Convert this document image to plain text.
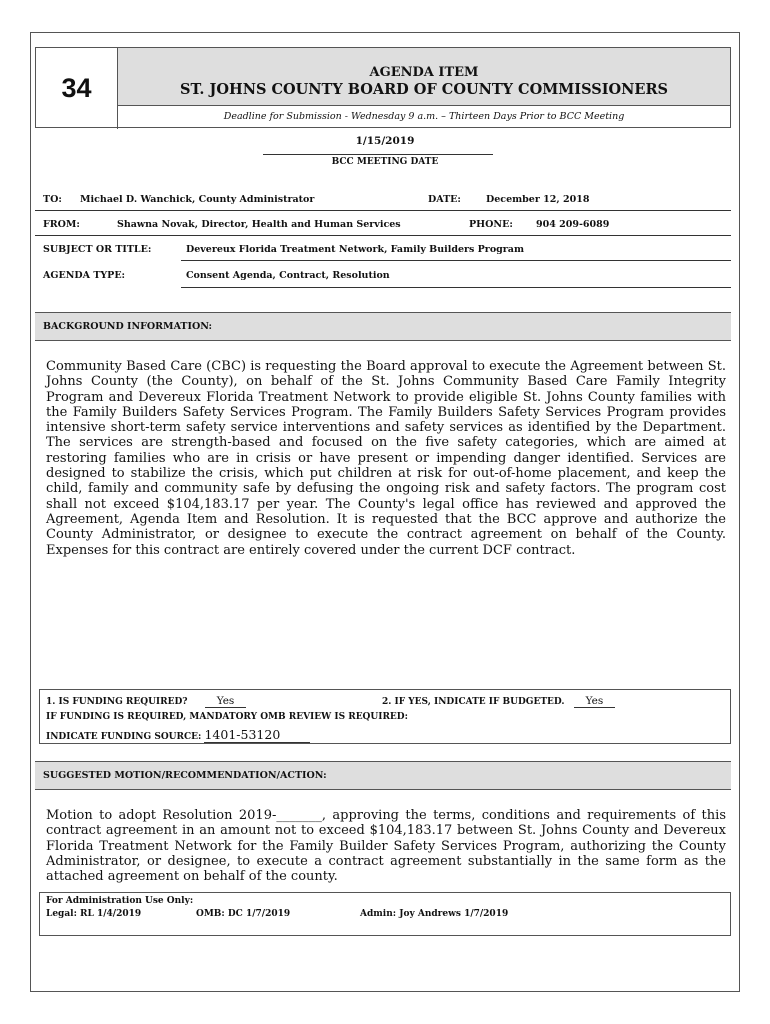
34
AGENDA ITEM
ST. JOHNS COUNTY BOARD OF COUNTY COMMISSIONERS
Deadline for Submission - Wednesday 9 a.m. – Thirteen Days Prior to BCC Meeting
1/15/2019
BCC MEETING DATE
TO: Michael D. Wanchick, County Administrator	DATE:	December 12, 2018
FROM:	Shawna Novak, Director, Health and Human Services	PHONE: 904 209-6089
SUBJECT OR TITLE:	Devereux Florida Treatment Network, Family Builders Program
AGENDA TYPE:	Consent Agenda, Contract, Resolution
BACKGROUND INFORMATION:
Community Based Care (CBC) is requesting the Board approval to execute the Agreement between St. Johns County (the County), on behalf of the St. Johns Community Based Care Family Integrity Program and Devereux Florida Treatment Network to provide eligible St. Johns County families with the Family Builders Safety Services Program. The Family Builders Safety Services Program provides intensive short-term safety service interventions and safety services as identified by the Department. The services are strength-based and focused on the five safety categories, which are aimed at restoring families who are in crisis or have present or impending danger identified. Services are designed to stabilize the crisis, which put children at risk for out-of-home placement, and keep the child, family and community safe by defusing the ongoing risk and safety factors. The program cost shall not exceed $104,183.17 per year. The County's legal office has reviewed and approved the Agreement, Agenda Item and Resolution. It is requested that the BCC approve and authorize the County Administrator, or designee to execute the contract agreement on behalf of the County. Expenses for this contract are entirely covered under the current DCF contract.
1. IS FUNDING REQUIRED?	Yes	2. IF YES, INDICATE IF BUDGETED. Yes
IF FUNDING IS REQUIRED, MANDATORY OMB REVIEW IS REQUIRED:
INDICATE FUNDING SOURCE: 1401-53120
SUGGESTED MOTION/RECOMMENDATION/ACTION:
Motion to adopt Resolution 2019-_______, approving the terms, conditions and requirements of this contract agreement in an amount not to exceed $104,183.17 between St. Johns County and Devereux Florida Treatment Network for the Family Builder Safety Services Program, authorizing the County Administrator, or designee, to execute a contract agreement substantially in the same form as the attached agreement on behalf of the county.
For Administration Use Only:
Legal: RL 1/4/2019	OMB: DC 1/7/2019	Admin: Joy Andrews 1/7/2019
